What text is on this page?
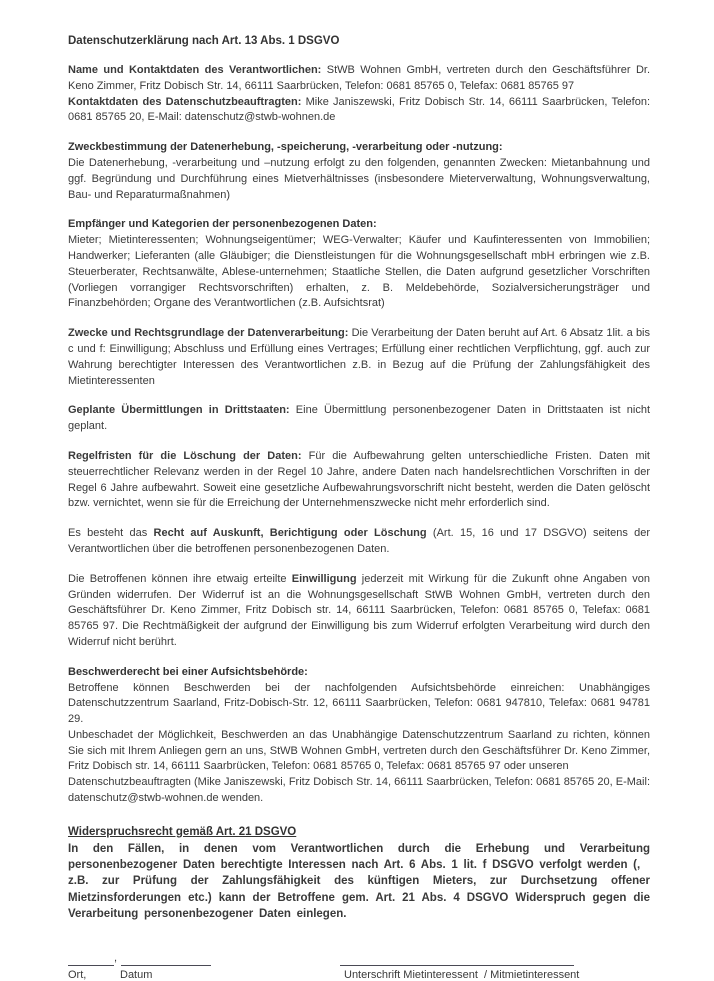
Datenschutzerklärung nach Art. 13 Abs. 1 DSGVO

Name und Kontaktdaten des Verantwortlichen: StWB Wohnen GmbH, vertreten durch den Geschäftsführer Dr. Keno Zimmer, Fritz Dobisch Str. 14, 66111 Saarbrücken, Telefon: 0681 85765 0, Telefax: 0681 85765 97

Kontaktdaten des Datenschutzbeauftragten: Mike Janiszewski, Fritz Dobisch Str. 14, 66111 Saarbrücken, Telefon: 0681 85765 20, E-Mail: datenschutz@stwb-wohnen.de

Zweckbestimmung der Datenerhebung, -speicherung, -verarbeitung oder -nutzung:

Die Datenerhebung, -verarbeitung und –nutzung erfolgt zu den folgenden, genannten Zwecken: Mietanbahnung und ggf. Begründung und Durchführung eines Mietverhältnisses (insbesondere Mieterverwaltung, Wohnungsverwaltung, Bau- und Reparaturmaßnahmen)

Empfänger und Kategorien der personenbezogenen Daten:

Mieter; Mietinteressenten; Wohnungseigentümer; WEG-Verwalter; Käufer und Kaufinteressenten von Immobilien; Handwerker; Lieferanten (alle Gläubiger; die Dienstleistungen für die Wohnungsgesellschaft mbH erbringen wie z.B. Steuerberater, Rechtsanwälte, Ablese-unternehmen; Staatliche Stellen, die Daten aufgrund gesetzlicher Vorschriften (Vorliegen vorrangiger Rechtsvorschriften) erhalten, z. B. Meldebehörde, Sozialversicherungsträger und Finanzbehörden; Organe des Verantwortlichen (z.B. Aufsichtsrat)

Zwecke und Rechtsgrundlage der Datenverarbeitung: Die Verarbeitung der Daten beruht auf Art. 6 Absatz 1lit. a bis c und f: Einwilligung; Abschluss und Erfüllung eines Vertrages; Erfüllung einer rechtlichen Verpflichtung, ggf. auch zur Wahrung berechtigter Interessen des Verantwortlichen z.B. in Bezug auf die Prüfung der Zahlungsfähigkeit des Mietinteressenten

Geplante Übermittlungen in Drittstaaten: Eine Übermittlung personenbezogener Daten in Drittstaaten ist nicht geplant.

Regelfristen für die Löschung der Daten: Für die Aufbewahrung gelten unterschiedliche Fristen. Daten mit steuerrechtlicher Relevanz werden in der Regel 10 Jahre, andere Daten nach handelsrechtlichen Vorschriften in der Regel 6 Jahre aufbewahrt. Soweit eine gesetzliche Aufbewahrungsvorschrift nicht besteht, werden die Daten gelöscht bzw. vernichtet, wenn sie für die Erreichung der Unternehmenszwecke nicht mehr erforderlich sind.

Es besteht das Recht auf Auskunft, Berichtigung oder Löschung (Art. 15, 16 und 17 DSGVO) seitens der Verantwortlichen über die betroffenen personenbezogenen Daten.

Die Betroffenen können ihre etwaig erteilte Einwilligung jederzeit mit Wirkung für die Zukunft ohne Angaben von Gründen widerrufen. Der Widerruf ist an die Wohnungsgesellschaft StWB Wohnen GmbH, vertreten durch den Geschäftsführer Dr. Keno Zimmer, Fritz Dobisch str. 14, 66111 Saarbrücken, Telefon: 0681 85765 0, Telefax: 0681 85765 97. Die Rechtmäßigkeit der aufgrund der Einwilligung bis zum Widerruf erfolgten Verarbeitung wird durch den Widerruf nicht berührt.

Beschwerderecht bei einer Aufsichtsbehörde:

Betroffene können Beschwerden bei der nachfolgenden Aufsichtsbehörde einreichen: Unabhängiges Datenschutzzentrum Saarland, Fritz-Dobisch-Str. 12, 66111 Saarbrücken, Telefon: 0681 947810, Telefax: 0681 94781 29.

Unbeschadet der Möglichkeit, Beschwerden an das Unabhängige Datenschutzzentrum Saarland zu richten, können Sie sich mit Ihrem Anliegen gern an uns, StWB Wohnen GmbH, vertreten durch den Geschäftsführer Dr. Keno Zimmer, Fritz Dobisch str. 14, 66111 Saarbrücken, Telefon: 0681 85765 0, Telefax: 0681 85765 97 oder unseren

Datenschutzbeauftragten (Mike Janiszewski, Fritz Dobisch Str. 14, 66111 Saarbrücken, Telefon: 0681 85765 20, E-Mail: datenschutz@stwb-wohnen.de wenden.

Widerspruchsrecht gemäß Art. 21 DSGVO

In den Fällen, in denen vom Verantwortlichen durch die Erhebung und Verarbeitung personenbezogener Daten berechtigte Interessen nach Art. 6 Abs. 1 lit. f DSGVO verfolgt werden (,
z.B. zur Prüfung der Zahlungsfähigkeit des künftigen Mieters, zur Durchsetzung offener Mietzinsforderungen etc.) kann der Betroffene gem. Art. 21 Abs. 4 DSGVO Widerspruch gegen die Verarbeitung personenbezogener Daten einlegen.

,
Ort,	Datum	Unterschrift Mietinteressent  / Mitmietinteressent
